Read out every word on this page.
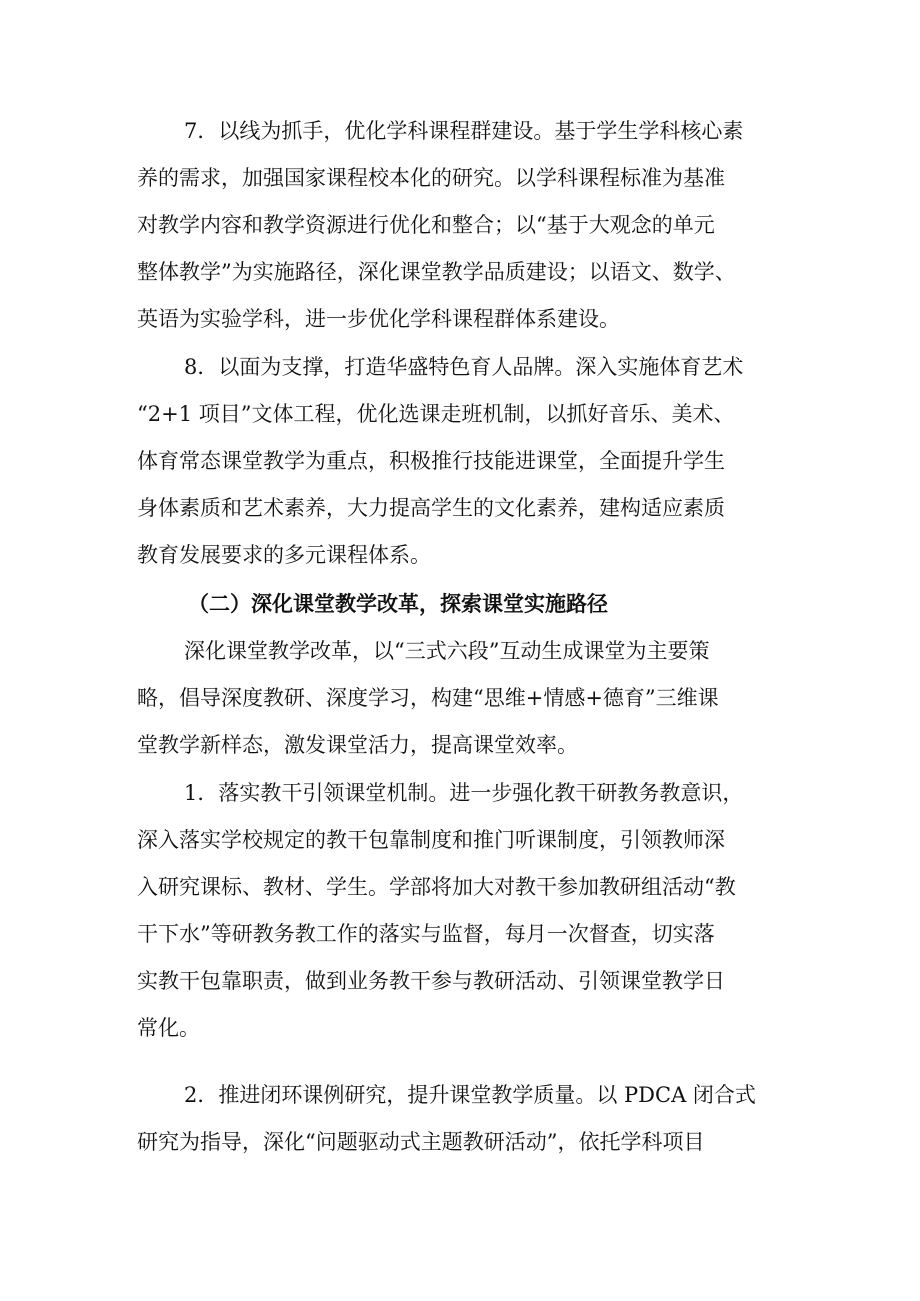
7．以线为抓手，优化学科课程群建设。基于学生学科核心素
养的需求，加强国家课程校本化的研究。以学科课程标准为基准
对教学内容和教学资源进行优化和整合；以“基于大观念的单元
整体教学”为实施路径，深化课堂教学品质建设；以语文、数学、
英语为实验学科，进一步优化学科课程群体系建设。
8．以面为支撑，打造华盛特色育人品牌。深入实施体育艺术
“2+1 项目”文体工程，优化选课走班机制，以抓好音乐、美术、
体育常态课堂教学为重点，积极推行技能进课堂，全面提升学生
身体素质和艺术素养，大力提高学生的文化素养，建构适应素质
教育发展要求的多元课程体系。
（二）深化课堂教学改革，探索课堂实施路径
深化课堂教学改革，以“三式六段”互动生成课堂为主要策
略，倡导深度教研、深度学习，构建“思维+情感+德育”三维课
堂教学新样态，激发课堂活力，提高课堂效率。
1．落实教干引领课堂机制。进一步强化教干研教务教意识，
深入落实学校规定的教干包靠制度和推门听课制度，引领教师深
入研究课标、教材、学生。学部将加大对教干参加教研组活动“教
干下水”等研教务教工作的落实与监督，每月一次督查，切实落
实教干包靠职责，做到业务教干参与教研活动、引领课堂教学日
常化。
2．推进闭环课例研究，提升课堂教学质量。以 PDCA 闭合式
研究为指导，深化“问题驱动式主题教研活动”，依托学科项目
